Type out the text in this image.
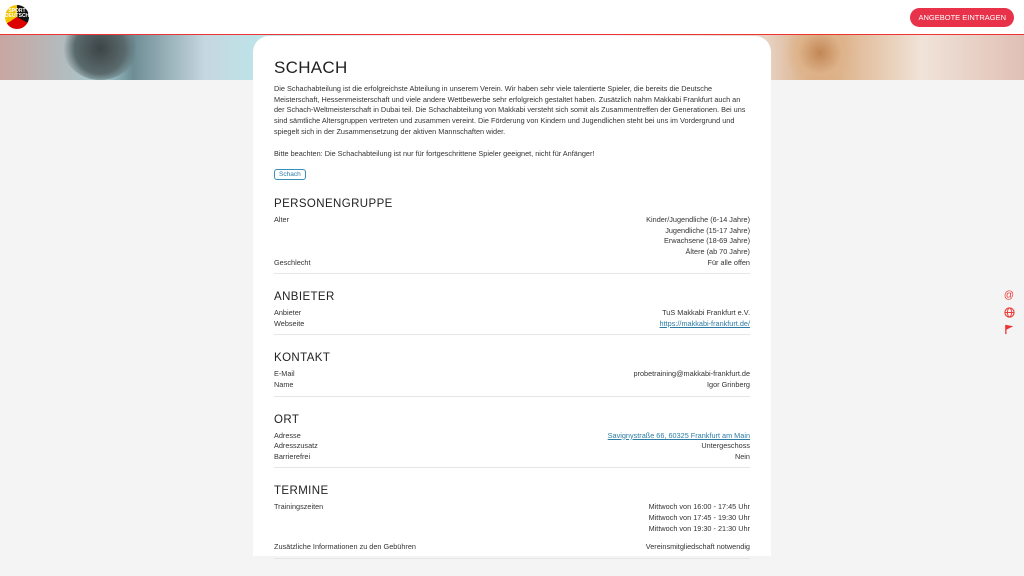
SPORT DEUTSCHLAND	ANGEBOTE EINTRAGEN
SCHACH
Die Schachabteilung ist die erfolgreichste Abteilung in unserem Verein. Wir haben sehr viele talentierte Spieler, die bereits die Deutsche Meisterschaft, Hessenmeisterschaft und viele andere Wettbewerbe sehr erfolgreich gestaltet haben. Zusätzlich nahm Makkabi Frankfurt auch an der Schach-Weltmeisterschaft in Dubai teil. Die Schachabteilung von Makkabi versteht sich somit als Zusammentreffen der Generationen. Bei uns sind sämtliche Altersgruppen vertreten und zusammen vereint. Die Förderung von Kindern und Jugendlichen steht bei uns im Vordergrund und spiegelt sich in der Zusammensetzung der aktiven Mannschaften wider.
Bitte beachten: Die Schachabteilung ist nur für fortgeschrittene Spieler geeignet, nicht für Anfänger!
Schach
PERSONENGRUPPE
Alter	Kinder/Jugendliche (6-14 Jahre)
Jugendliche (15-17 Jahre)
Erwachsene (18-69 Jahre)
Ältere (ab 70 Jahre)
Geschlecht	Für alle offen
ANBIETER
Anbieter	TuS Makkabi Frankfurt e.V.
Webseite	https://makkabi-frankfurt.de/
KONTAKT
E-Mail	probetraining@makkabi-frankfurt.de
Name	Igor Grinberg
ORT
Adresse	Savignystraße 66, 60325 Frankfurt am Main
Adresszusatz	Untergeschoss
Barrierefrei	Nein
TERMINE
Trainingszeiten	Mittwoch von 16:00 - 17:45 Uhr
Mittwoch von 17:45 - 19:30 Uhr
Mittwoch von 19:30 - 21:30 Uhr
Zusätzliche Informationen zu den Gebühren	Vereinsmitgliedschaft notwendig
@
